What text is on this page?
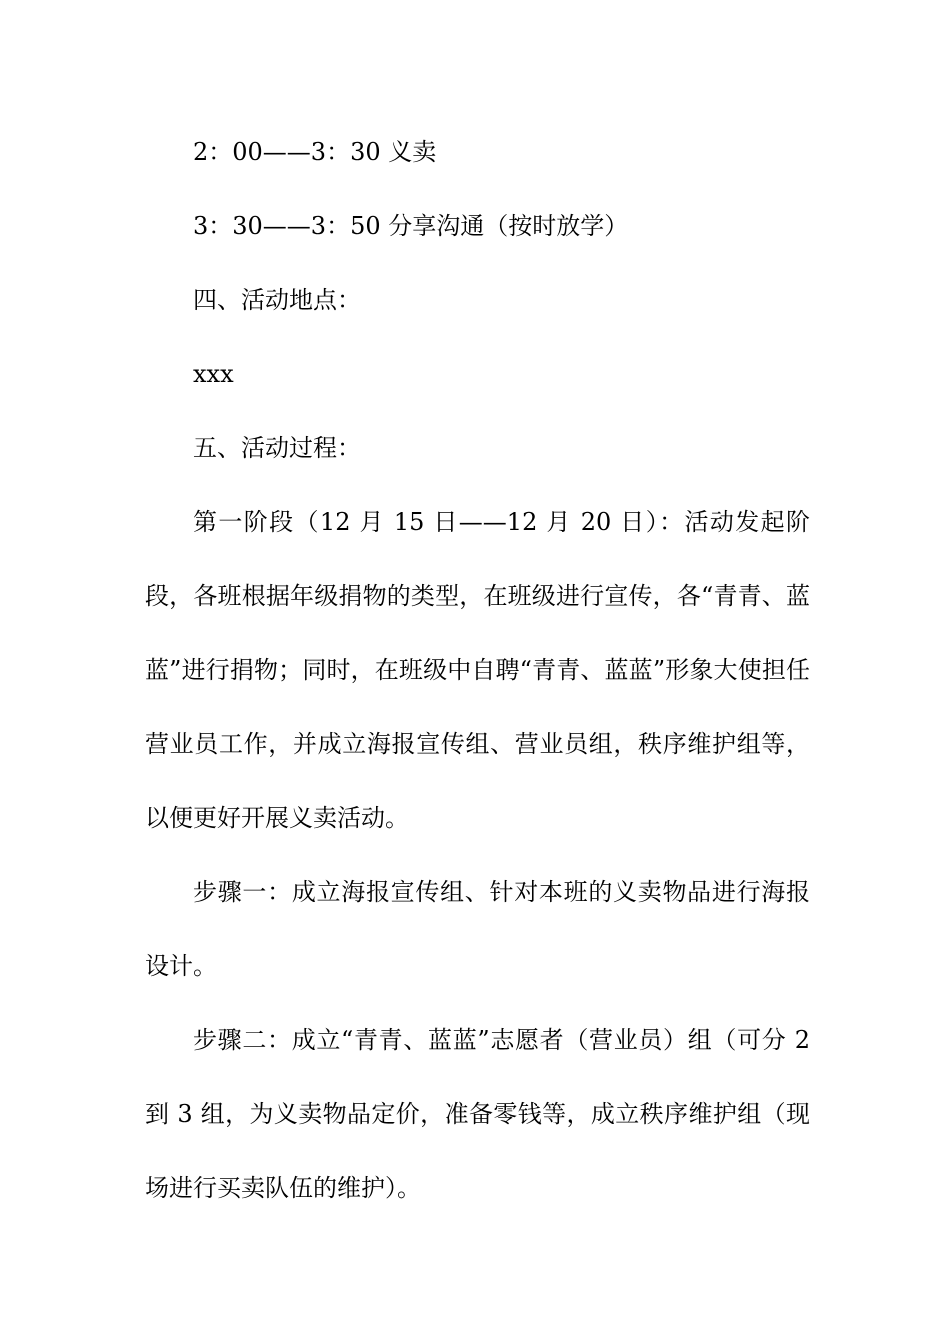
2：00——3：30 义卖

3：30——3：50 分享沟通（按时放学）

四、活动地点：

xxx

五、活动过程：

第一阶段（12 月 15 日——12 月 20 日）：活动发起阶段，各班根据年级捐物的类型，在班级进行宣传，各“青青、蓝蓝”进行捐物；同时，在班级中自聘“青青、蓝蓝”形象大使担任营业员工作，并成立海报宣传组、营业员组，秩序维护组等，以便更好开展义卖活动。

步骤一：成立海报宣传组、针对本班的义卖物品进行海报设计。

步骤二：成立“青青、蓝蓝”志愿者（营业员）组（可分 2 到 3 组，为义卖物品定价，准备零钱等，成立秩序维护组（现场进行买卖队伍的维护）。
